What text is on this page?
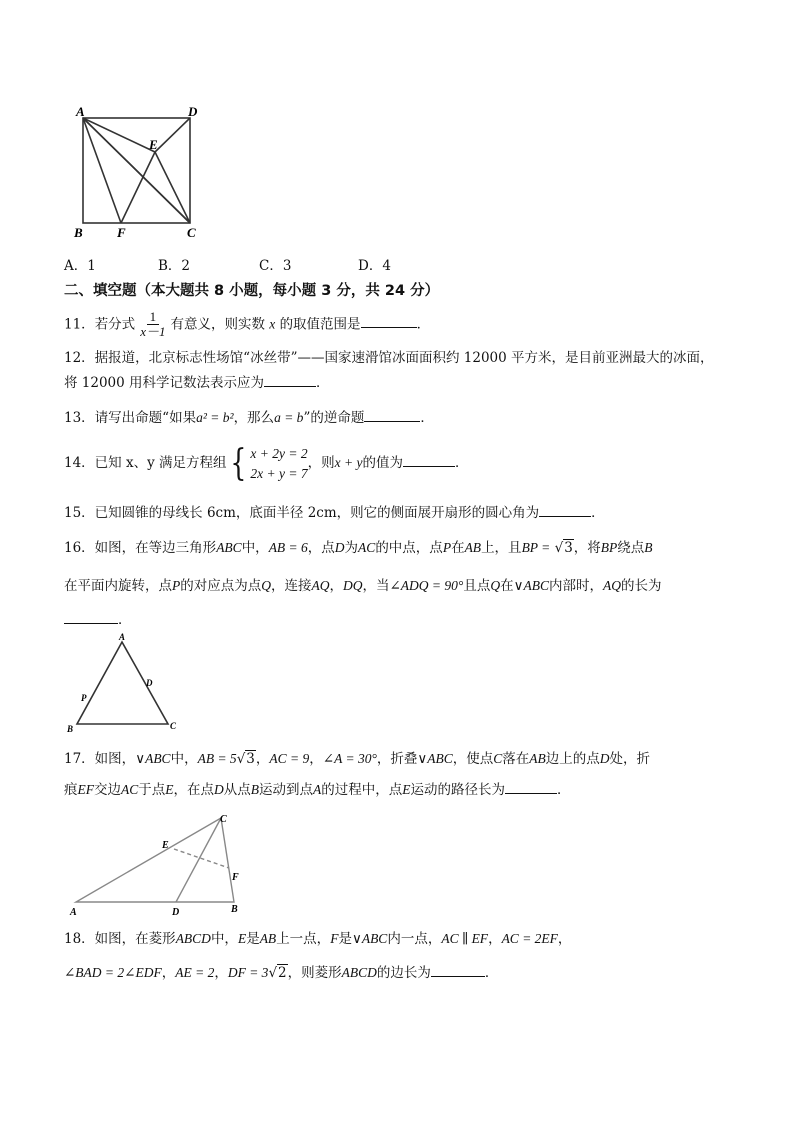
A	D
E
B	F	C
A．1	B．2	C．3	D．4
二、填空题（本大题共 8 小题，每小题 3 分，共 24 分）
11．若分式 $\frac{1}{x-1}$ 有意义，则实数 x 的取值范围是	．
12．据报道，北京标志性场馆“冰丝带”——国家速滑馆冰面面积约 12000 平方米，是目前亚洲最大的冰面，
将 12000 用科学记数法表示应为	．
13．请写出命题“如果a² = b²，那么a = b”的逆命题	．
14．已知 x、y 满足方程组 { x + 2y = 2
2x + y = 7
，则x + y的值为	．
15．已知圆锥的母线长 6cm，底面半径 2cm，则它的侧面展开扇形的圆心角为	．
16．如图，在等边三角形ABC中，AB = 6，点D为AC的中点，点P在AB上，且BP = √3，将BP绕点B
在平面内旋转，点P的对应点为点Q，连接AQ，DQ，当∠ADQ = 90°且点Q在∨ABC内部时，AQ的长为
．
A
D
P
B	C
17．如图，∨ABC中，AB = 5√3，AC = 9，∠A = 30°，折叠∨ABC，使点C落在AB边上的点D处，折
痕EF交边AC于点E，在点D从点B运动到点A的过程中，点E运动的路径长为	．
A	D	B
C
E
F
18．如图，在菱形ABCD中，E是AB上一点，F是∨ABC内一点，AC ∥ EF，AC = 2EF，
∠BAD = 2∠EDF，AE = 2，DF = 3√2，则菱形ABCD的边长为	．
